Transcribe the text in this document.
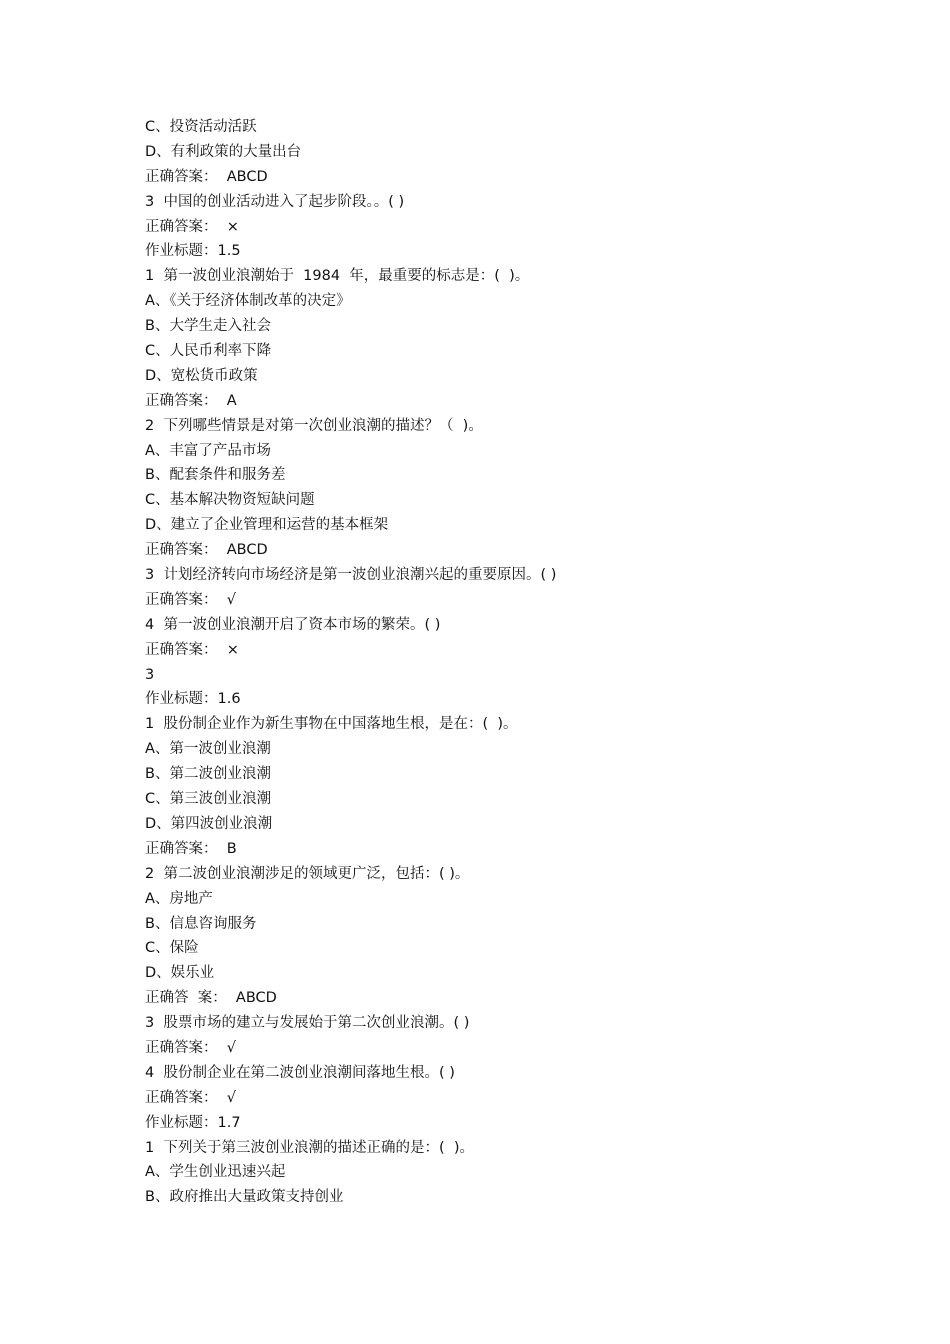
C、投资活动活跃
D、有利政策的大量出台
正确答案：  ABCD
3  中国的创业活动进入了起步阶段。。( )
正确答案：  ×
作业标题：1.5
1  第一波创业浪潮始于  1984  年，最重要的标志是：(  )。
A、《关于经济体制改革的决定》
B、大学生走入社会
C、人民币利率下降
D、宽松货币政策
正确答案：  A
2  下列哪些情景是对第一次创业浪潮的描述？（  )。
A、丰富了产品市场
B、配套条件和服务差
C、基本解决物资短缺问题
D、建立了企业管理和运营的基本框架
正确答案：  ABCD
3  计划经济转向市场经济是第一波创业浪潮兴起的重要原因。( )
正确答案：  √
4  第一波创业浪潮开启了资本市场的繁荣。( )
正确答案：  ×
3
作业标题：1.6
1  股份制企业作为新生事物在中国落地生根，是在：(  )。
A、第一波创业浪潮
B、第二波创业浪潮
C、第三波创业浪潮
D、第四波创业浪潮
正确答案：  B
2  第二波创业浪潮涉足的领域更广泛，包括：( )。
A、房地产
B、信息咨询服务
C、保险
D、娱乐业
正确答  案：  ABCD
3  股票市场的建立与发展始于第二次创业浪潮。( )
正确答案：  √
4  股份制企业在第二波创业浪潮间落地生根。( )
正确答案：  √
作业标题：1.7
1  下列关于第三波创业浪潮的描述正确的是：(  )。
A、学生创业迅速兴起
B、政府推出大量政策支持创业
